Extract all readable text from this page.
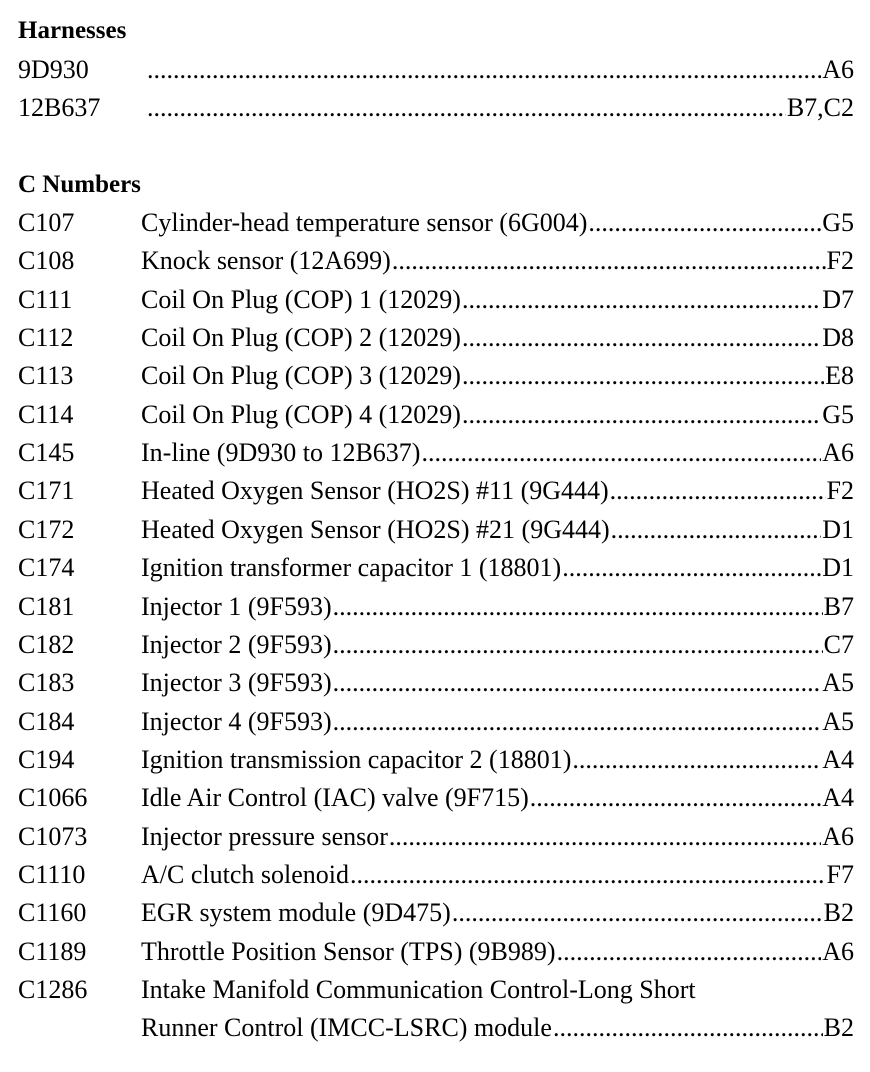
Harnesses
9D930 .....	A6
12B637 .....	B7,C2
C Numbers
C107	Cylinder-head temperature sensor (6G004) .....	G5
C108	Knock sensor (12A699) .....	F2
C111	Coil On Plug (COP) 1 (12029) .....	D7
C112	Coil On Plug (COP) 2 (12029) .....	D8
C113	Coil On Plug (COP) 3 (12029) .....	E8
C114	Coil On Plug (COP) 4 (12029) .....	G5
C145	In-line (9D930 to 12B637) .....	A6
C171	Heated Oxygen Sensor (HO2S) #11 (9G444) .....	F2
C172	Heated Oxygen Sensor (HO2S) #21 (9G444) .....	D1
C174	Ignition transformer capacitor 1 (18801) .....	D1
C181	Injector 1 (9F593) .....	B7
C182	Injector 2 (9F593) .....	C7
C183	Injector 3 (9F593) .....	A5
C184	Injector 4 (9F593) .....	A5
C194	Ignition transmission capacitor 2 (18801) .....	A4
C1066 Idle Air Control (IAC) valve (9F715) .....	A4
C1073 Injector pressure sensor .....	A6
C1110 A/C clutch solenoid .....	F7
C1160 EGR system module (9D475) .....	B2
C1189 Throttle Position Sensor (TPS) (9B989) .....	A6
C1286 Intake Manifold Communication Control-Long Short
Runner Control (IMCC-LSRC) module .....	B2
